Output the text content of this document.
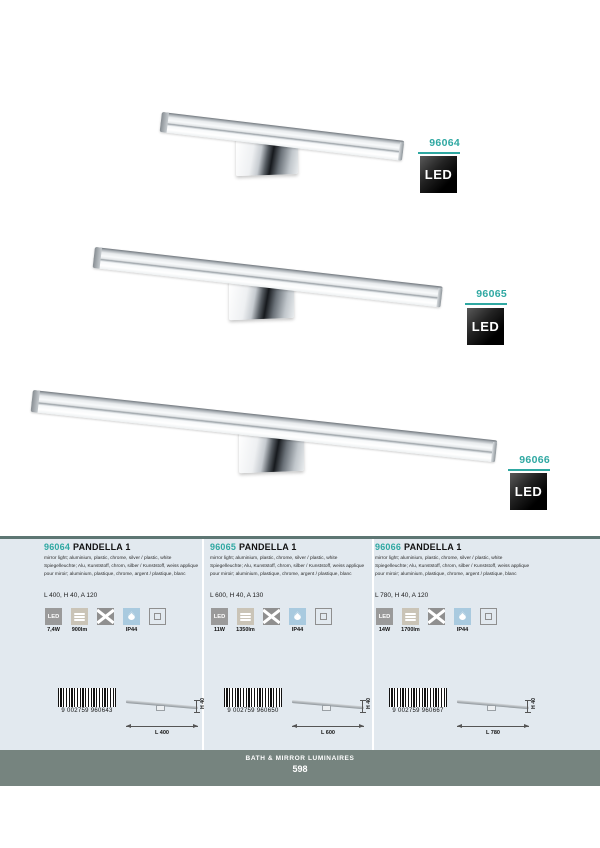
96064
LED
96065
LED
96066
LED
96064 PANDELLA 1
mirror light; aluminium, plastic, chrome, silver / plastic, white Spiegelleuchte; Alu, Kunststoff, chrom, silber / Kunststoff, weiss applique pour miroir; aluminium, plastique, chrome, argent / plastique, blanc
L 400, H 40, A 120
LED
7,4W 900lm	IP44
9 002759 960643
L 400
H 40
96065 PANDELLA 1
mirror light; aluminium, plastic, chrome, silver / plastic, white Spiegelleuchte; Alu, Kunststoff, chrom, silber / Kunststoff, weiss applique pour miroir; aluminium, plastique, chrome, argent / plastique, blanc
L 600, H 40, A 130
LED
11W 1350lm	IP44
9 002759 960650
L 600
H 40
96066 PANDELLA 1
mirror light; aluminium, plastic, chrome, silver / plastic, white Spiegelleuchte; Alu, Kunststoff, chrom, silber / Kunststoff, weiss applique pour miroir; aluminium, plastique, chrome, argent / plastique, blanc
L 780, H 40, A 120
LED
14W 1700lm	IP44
9 002759 960667
L 780
H 40
BATH & MIRROR LUMINAIRES
598
